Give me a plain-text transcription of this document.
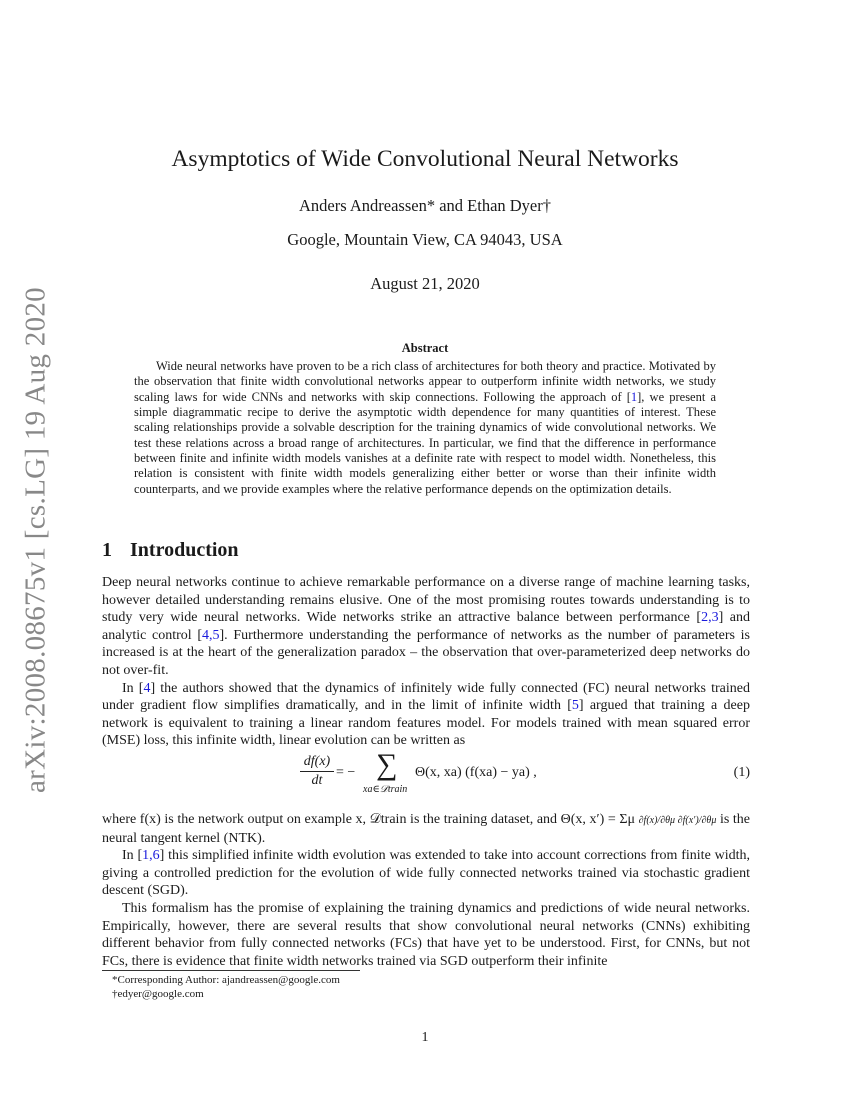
arXiv:2008.08675v1 [cs.LG] 19 Aug 2020
Asymptotics of Wide Convolutional Neural Networks
Anders Andreassen* and Ethan Dyer†
Google, Mountain View, CA 94043, USA
August 21, 2020
Abstract

Wide neural networks have proven to be a rich class of architectures for both theory and practice. Motivated by the observation that finite width convolutional networks appear to outperform infinite width networks, we study scaling laws for wide CNNs and networks with skip connections. Following the approach of [1], we present a simple diagrammatic recipe to derive the asymptotic width dependence for many quantities of interest. These scaling relationships provide a solvable description for the training dynamics of wide convolutional networks. We test these relations across a broad range of architectures. In particular, we find that the difference in performance between finite and infinite width models vanishes at a definite rate with respect to model width. Nonetheless, this relation is consistent with finite width models generalizing either better or worse than their infinite width counterparts, and we provide examples where the relative performance depends on the optimization details.

1 Introduction

Deep neural networks continue to achieve remarkable performance on a diverse range of machine learning tasks, however detailed understanding remains elusive. One of the most promising routes towards understanding is to study very wide neural networks. Wide networks strike an attractive balance between performance [2,3] and analytic control [4,5]. Furthermore understanding the performance of networks as the number of parameters is increased is at the heart of the generalization paradox – the observation that over-parameterized deep networks do not over-fit.

In [4] the authors showed that the dynamics of infinitely wide fully connected (FC) neural networks trained under gradient flow simplifies dramatically, and in the limit of infinite width [5] argued that training a deep network is equivalent to training a linear random features model. For models trained with mean squared error (MSE) loss, this infinite width, linear evolution can be written as

df(x)
dt
= − ∑
xa∈𝒟train
Θ(x, xa) (f(xa) − ya) ,	(1)

where f(x) is the network output on example x, 𝒟train is the training dataset, and Θ(x, x′) = Σμ ∂f(x)/∂θμ ∂f(x′)/∂θμ is the neural tangent kernel (NTK).

In [1,6] this simplified infinite width evolution was extended to take into account corrections from finite width, giving a controlled prediction for the evolution of wide fully connected networks trained via stochastic gradient descent (SGD).

This formalism has the promise of explaining the training dynamics and predictions of wide neural networks. Empirically, however, there are several results that show convolutional neural networks (CNNs) exhibiting different behavior from fully connected networks (FCs) that have yet to be understood. First, for CNNs, but not FCs, there is evidence that finite width networks trained via SGD outperform their infinite

*Corresponding Author: ajandreassen@google.com
†edyer@google.com
1
